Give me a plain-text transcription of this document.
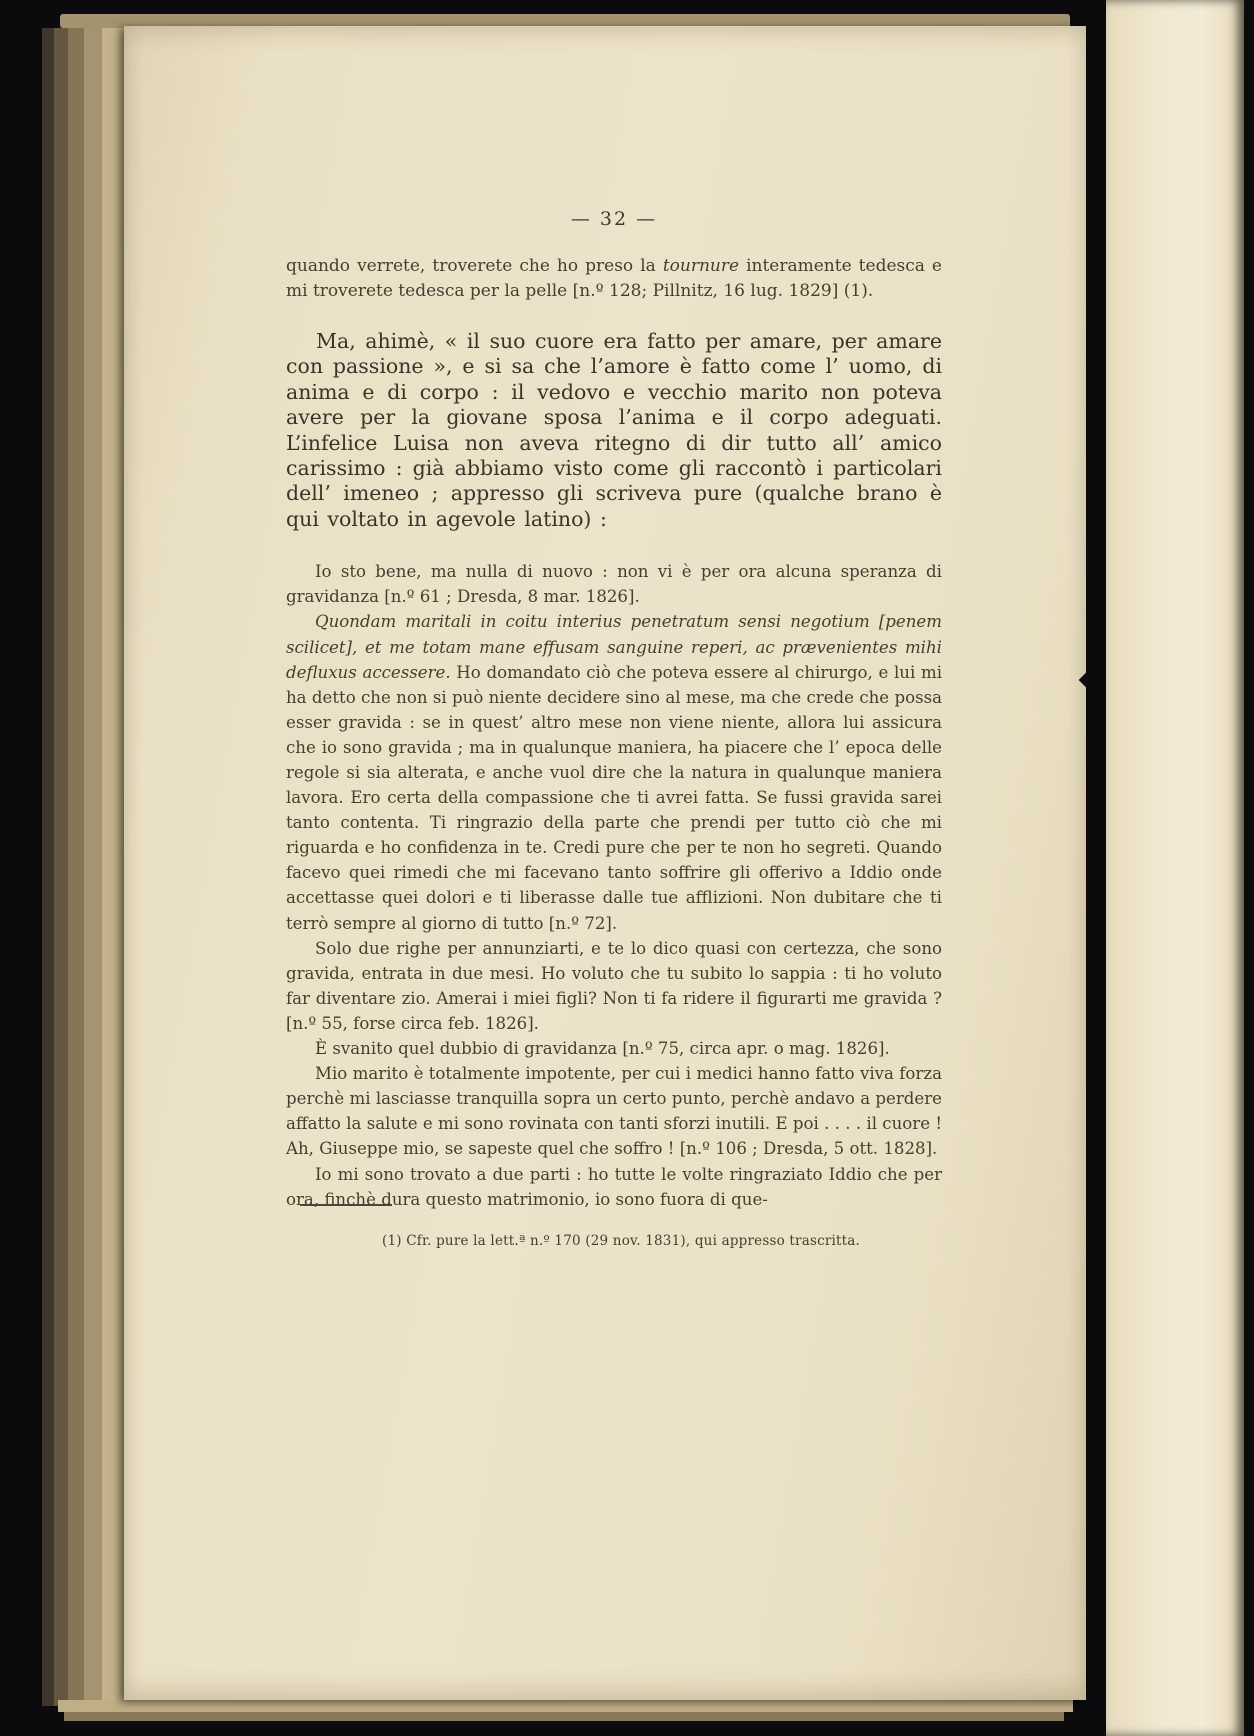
— 32 —

quando verrete, troverete che ho preso la tournure interamente tedesca e mi troverete tedesca per la pelle [n.º 128; Pillnitz, 16 lug. 1829] (1).

Ma, ahimè, « il suo cuore era fatto per amare, per amare con passione », e si sa che l’amore è fatto come l’ uomo, di anima e di corpo : il vedovo e vecchio marito non poteva avere per la giovane sposa l’anima e il corpo adeguati. L’infelice Luisa non aveva ritegno di dir tutto all’ amico carissimo : già abbiamo visto come gli raccontò i particolari dell’ imeneo ; appresso gli scriveva pure (qualche brano è qui voltato in agevole latino) :

Io sto bene, ma nulla di nuovo : non vi è per ora alcuna speranza di gravidanza [n.º 61 ; Dresda, 8 mar. 1826].

Quondam maritali in coitu interius penetratum sensi negotium [penem scilicet], et me totam mane effusam sanguine reperi, ac prævenientes mihi defluxus accessere. Ho domandato ciò che poteva essere al chirurgo, e lui mi ha detto che non si può niente decidere sino al mese, ma che crede che possa esser gravida : se in quest’ altro mese non viene niente, allora lui assicura che io sono gravida ; ma in qualunque maniera, ha piacere che l’ epoca delle regole si sia alterata, e anche vuol dire che la natura in qualunque maniera lavora. Ero certa della compassione che ti avrei fatta. Se fussi gravida sarei tanto contenta. Ti ringrazio della parte che prendi per tutto ciò che mi riguarda e ho confidenza in te. Credi pure che per te non ho segreti. Quando facevo quei rimedi che mi facevano tanto soffrire gli offerivo a Iddio onde accettasse quei dolori e ti liberasse dalle tue afflizioni. Non dubitare che ti terrò sempre al giorno di tutto [n.º 72].

Solo due righe per annunziarti, e te lo dico quasi con certezza, che sono gravida, entrata in due mesi. Ho voluto che tu subito lo sappia : ti ho voluto far diventare zio. Amerai i miei figli? Non ti fa ridere il figurarti me gravida ? [n.º 55, forse circa feb. 1826].

È svanito quel dubbio di gravidanza [n.º 75, circa apr. o mag. 1826].

Mio marito è totalmente impotente, per cui i medici hanno fatto viva forza perchè mi lasciasse tranquilla sopra un certo punto, perchè andavo a perdere affatto la salute e mi sono rovinata con tanti sforzi inutili. E poi . . . . il cuore ! Ah, Giuseppe mio, se sapeste quel che soffro ! [n.º 106 ; Dresda, 5 ott. 1828].

Io mi sono trovato a due parti : ho tutte le volte ringraziato Iddio che per ora, finchè dura questo matrimonio, io sono fuora di que-

(1) Cfr. pure la lett.ª n.º 170 (29 nov. 1831), qui appresso trascritta.
